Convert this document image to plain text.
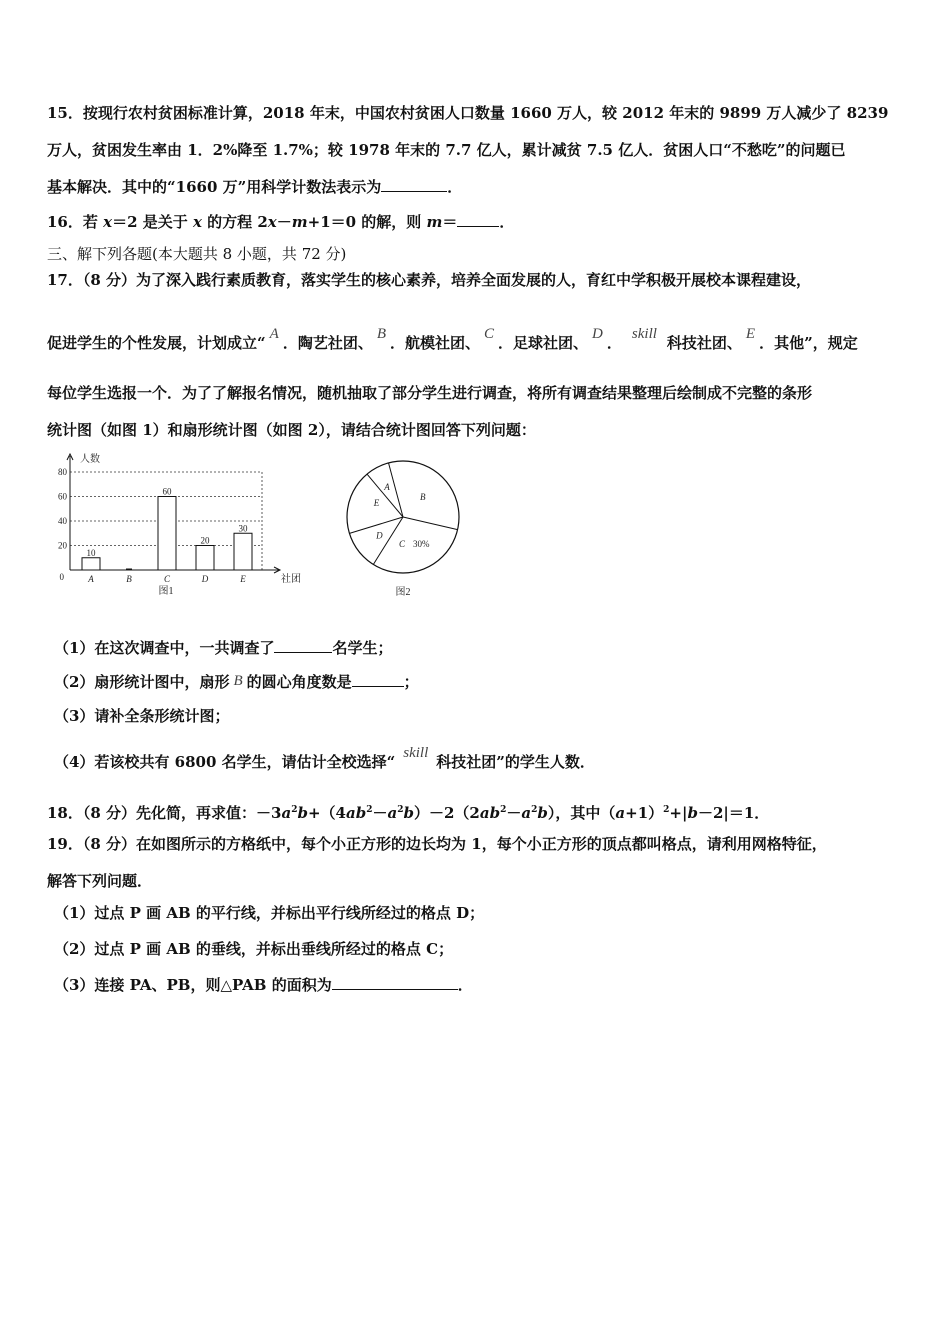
15．按现行农村贫困标准计算，2018 年末，中国农村贫困人口数量 1660 万人，较 2012 年末的 9899 万人减少了 8239
万人，贫困发生率由 1．2%降至 1.7%；较 1978 年末的 7.7 亿人，累计减贫 7.5 亿人．贫困人口“不愁吃”的问题已
基本解决．其中的“1660 万”用科学计数法表示为	．
16．若 x＝2 是关于 x 的方程 2x－m+1＝0 的解，则 m＝	．
三、解下列各题(本大题共 8 小题，共 72 分)
17．（8 分）为了深入践行素质教育，落实学生的核心素养，培养全面发展的人，育红中学积极开展校本课程建设，
促进学生的个性发展，计划成立“ A ．陶艺社团、 B ．航模社团、 C ．足球社团、 D ． skill 科技社团、 E ．其他”，规定
每位学生选报一个．为了了解报名情况，随机抽取了部分学生进行调查，将所有调查结果整理后绘制成不完整的条形
统计图（如图 1）和扇形统计图（如图 2），请结合统计图回答下列问题：
0
20
40
60
80
人数
社团
A
10
B	C
60
D
20
E
30
图1
A
B
D
E
C 30%
图2
（1）在这次调查中，一共调查了	名学生；
（2）扇形统计图中，扇形 B 的圆心角度数是	；
（3）请补全条形统计图；
（4）若该校共有 6800 名学生，请估计全校选择“ skill 科技社团”的学生人数．
18．（8 分）先化简，再求值：$-3a^2b+(4ab^2-a^2b)-2(2ab^2-a^2b)$，其中$(a+1)^2+|b-2|=1$．
19．（8 分）在如图所示的方格纸中，每个小正方形的边长均为 1，每个小正方形的顶点都叫格点，请利用网格特征，
解答下列问题．
（1）过点 P 画 AB 的平行线，并标出平行线所经过的格点 D；
（2）过点 P 画 AB 的垂线，并标出垂线所经过的格点 C；
（3）连接 PA、PB，则△PAB 的面积为	．
